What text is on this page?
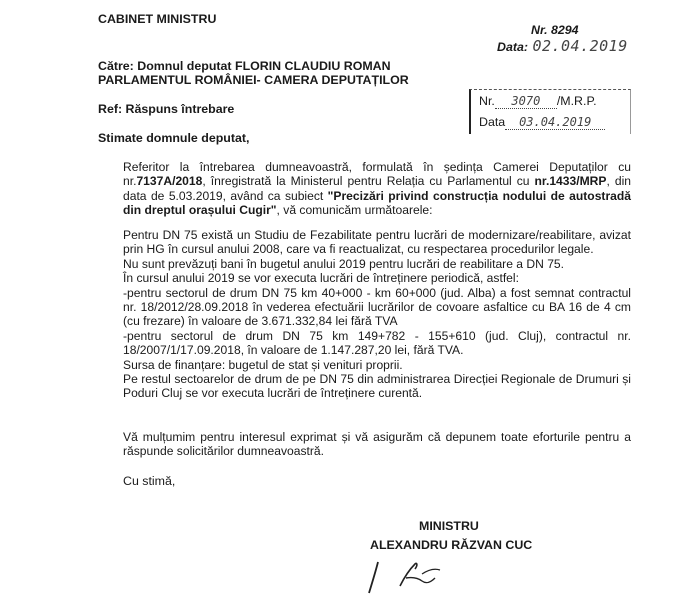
CABINET MINISTRU
Nr. 8294
Data: 02.04.2019
Către: Domnul deputat FLORIN CLAUDIU ROMAN
PARLAMENTUL ROMÂNIEI- CAMERA DEPUTAȚILOR
Ref: Răspuns întrebare
Nr. 3070 /M.R.P.
Data 03.04.2019
Stimate domnule deputat,
Referitor la întrebarea dumneavoastră, formulată în ședința Camerei Deputaților cu nr.7137A/2018, înregistrată la Ministerul pentru Relația cu Parlamentul cu nr.1433/MRP, din data de 5.03.2019, având ca subiect "Precizări privind construcția nodului de autostradă din dreptul orașului Cugir", vă comunicăm următoarele:

Pentru DN 75 există un Studiu de Fezabilitate pentru lucrări de modernizare/reabilitare, avizat prin HG în cursul anului 2008, care va fi reactualizat, cu respectarea procedurilor legale.

Nu sunt prevăzuți bani în bugetul anului 2019 pentru lucrări de reabilitare a DN 75.

În cursul anului 2019 se vor executa lucrări de întreținere periodică, astfel:

-pentru sectorul de drum DN 75 km 40+000 - km 60+000 (jud. Alba) a fost semnat contractul nr. 18/2012/28.09.2018 în vederea efectuării lucrărilor de covoare asfaltice cu BA 16 de 4 cm (cu frezare) în valoare de 3.671.332,84 lei fără TVA

-pentru sectorul de drum DN 75 km 149+782 - 155+610 (jud. Cluj), contractul nr. 18/2007/1/17.09.2018, în valoare de 1.147.287,20 lei, fără TVA.

Sursa de finanțare: bugetul de stat și venituri proprii.

Pe restul sectoarelor de drum de pe DN 75 din administrarea Direcției Regionale de Drumuri și Poduri Cluj se vor executa lucrări de întreținere curentă.

Vă mulțumim pentru interesul exprimat și vă asigurăm că depunem toate eforturile pentru a răspunde solicitărilor dumneavoastră.
Cu stimă,
MINISTRU
ALEXANDRU RĂZVAN CUC
